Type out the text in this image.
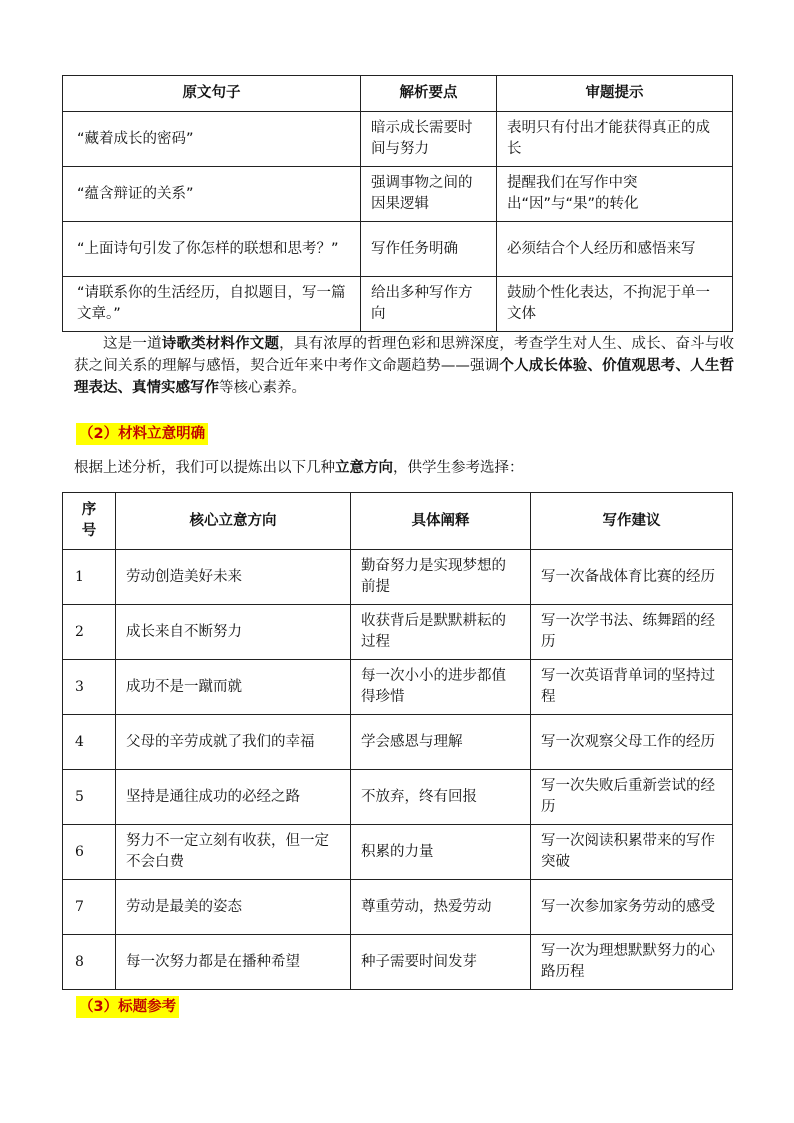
原文句子	解析要点	审题提示
“藏着成长的密码”	暗示成长需要时间与努力	表明只有付出才能获得真正的成长
“蕴含辩证的关系”	强调事物之间的因果逻辑	提醒我们在写作中突出“因”与“果”的转化
“上面诗句引发了你怎样的联想和思考？”	写作任务明确	必须结合个人经历和感悟来写
“请联系你的生活经历，自拟题目，写一篇文章。”	给出多种写作方向	鼓励个性化表达，不拘泥于单一文体

这是一道诗歌类材料作文题，具有浓厚的哲理色彩和思辨深度，考查学生对人生、成长、奋斗与收获之间关系的理解与感悟，契合近年来中考作文命题趋势——强调个人成长体验、价值观思考、人生哲理表达、真情实感写作等核心素养。

（2）材料立意明确

根据上述分析，我们可以提炼出以下几种立意方向，供学生参考选择：

序号	核心立意方向	具体阐释	写作建议
1	劳动创造美好未来	勤奋努力是实现梦想的前提	写一次备战体育比赛的经历
2	成长来自不断努力	收获背后是默默耕耘的过程	写一次学书法、练舞蹈的经历
3	成功不是一蹴而就	每一次小小的进步都值得珍惜	写一次英语背单词的坚持过程
4	父母的辛劳成就了我们的幸福	学会感恩与理解	写一次观察父母工作的经历
5	坚持是通往成功的必经之路	不放弃，终有回报	写一次失败后重新尝试的经历
6	努力不一定立刻有收获，但一定不会白费	积累的力量	写一次阅读积累带来的写作突破
7	劳动是最美的姿态	尊重劳动，热爱劳动	写一次参加家务劳动的感受
8	每一次努力都是在播种希望	种子需要时间发芽	写一次为理想默默努力的心路历程
（3）标题参考
